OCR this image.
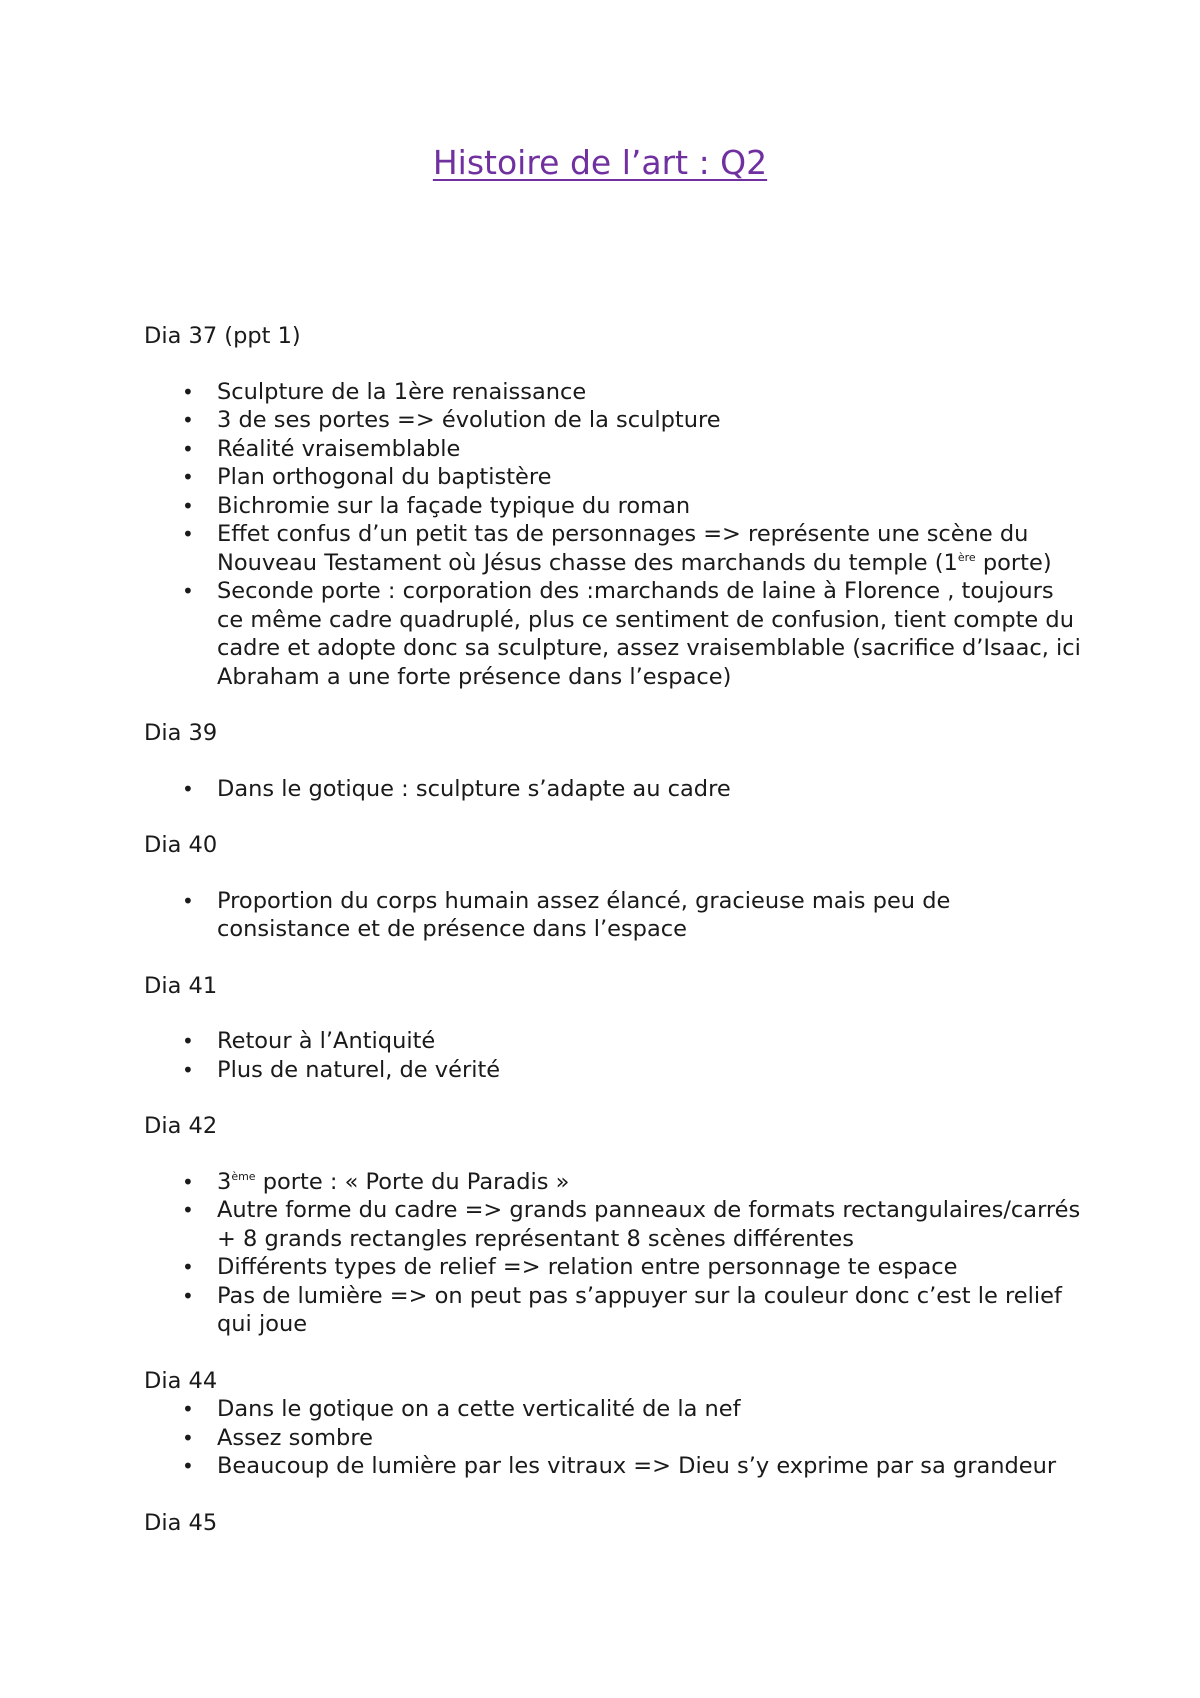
Histoire de l’art : Q2

Dia 37 (ppt 1)

• Sculpture de la 1ère renaissance
• 3 de ses portes => évolution de la sculpture
• Réalité vraisemblable
• Plan orthogonal du baptistère
• Bichromie sur la façade typique du roman
• Effet confus d’un petit tas de personnages => représente une scène du Nouveau Testament où Jésus chasse des marchands du temple (1ère porte)
• Seconde porte : corporation des :marchands de laine à Florence , toujours ce même cadre quadruplé, plus ce sentiment de confusion, tient compte du cadre et adopte donc sa sculpture, assez vraisemblable (sacrifice d’Isaac, ici Abraham a une forte présence dans l’espace)

Dia 39

• Dans le gotique : sculpture s’adapte au cadre

Dia 40

• Proportion du corps humain assez élancé, gracieuse mais peu de consistance et de présence dans l’espace

Dia 41

• Retour à l’Antiquité
• Plus de naturel, de vérité

Dia 42

• 3ème porte : « Porte du Paradis »
• Autre forme du cadre => grands panneaux de formats rectangulaires/carrés + 8 grands rectangles représentant 8 scènes différentes
• Différents types de relief => relation entre personnage te espace
• Pas de lumière => on peut pas s’appuyer sur la couleur donc c’est le relief qui joue

Dia 44

• Dans le gotique on a cette verticalité de la nef
• Assez sombre
• Beaucoup de lumière par les vitraux => Dieu s’y exprime par sa grandeur

Dia 45
